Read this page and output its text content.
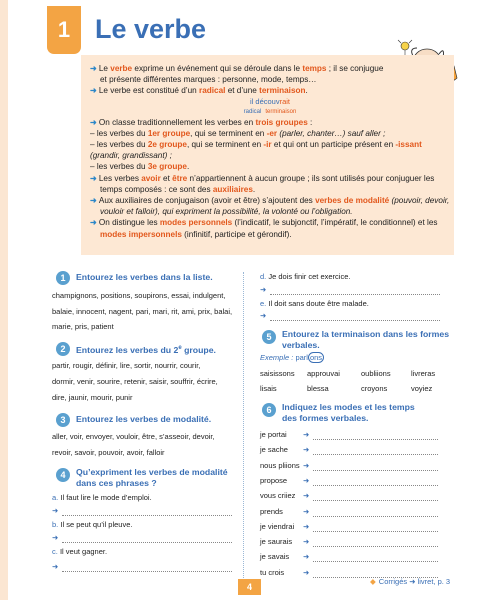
1 Le verbe

➜ Le verbe exprime un événement qui se déroule dans le temps ; il se conjugue

et présente différentes marques : personne, mode, temps…

➜ Le verbe est constitué d’un radical et d’une terminaison.

il découvrait

radical terminaison

➜ On classe traditionnellement les verbes en trois groupes :

– les verbes du 1er groupe, qui se terminent en -er (parler, chanter…) sauf aller ;

– les verbes du 2e groupe, qui se terminent en -ir et qui ont un participe présent en -issant

(grandir, grandissant) ;

– les verbes du 3e groupe.

➜ Les verbes avoir et être n’appartiennent à aucun groupe ; ils sont utilisés pour conjuguer les

temps composés : ce sont des auxiliaires.

➜ Aux auxiliaires de conjugaison (avoir et être) s’ajoutent des verbes de modalité (pouvoir, devoir,

vouloir et falloir), qui expriment la possibilité, la volonté ou l’obligation.

➜ On distingue les modes personnels (l’indicatif, le subjonctif, l’impératif, le conditionnel) et les

modes impersonnels (infinitif, participe et gérondif).

1	Entourez les verbes dans la liste.
champignons, positions, soupirons, essai, indulgent,
balaie, innocent, nagent, pari, mari, rit, ami, prix, balai,
marie, pris, patient
2	Entourez les verbes du 2e groupe.
partir, rougir, définir, lire, sortir, nourrir, courir,
dormir, venir, sourire, retenir, saisir, souffrir, écrire,
dire, jaunir, mourir, punir
3	Entourez les verbes de modalité.
aller, voir, envoyer, vouloir, être, s’asseoir, devoir,
revoir, savoir, pouvoir, avoir, falloir
4	Qu’expriment les verbes de modalité
dans ces phrases ?
a. Il faut lire le mode d’emploi.
➜
b. Il se peut qu’il pleuve.
➜
c. Il veut gagner.
➜
d. Je dois finir cet exercice.
➜
e. Il doit sans doute être malade.
➜
5	Entourez la terminaison dans les formes
verbales.
Exemple : parl ons
saisissons approuvai	oubliions	livreras
lisais	blessa	croyons	voyiez
6	Indiquez les modes et les temps
des formes verbales.
je portai ➜
je sache ➜
nous pliions ➜
propose ➜
vous criiez ➜
prends	➜
je viendrai ➜
je saurais ➜
je savais ➜
tu crois	➜
4
◆ Corrigés ➜ livret, p. 3
